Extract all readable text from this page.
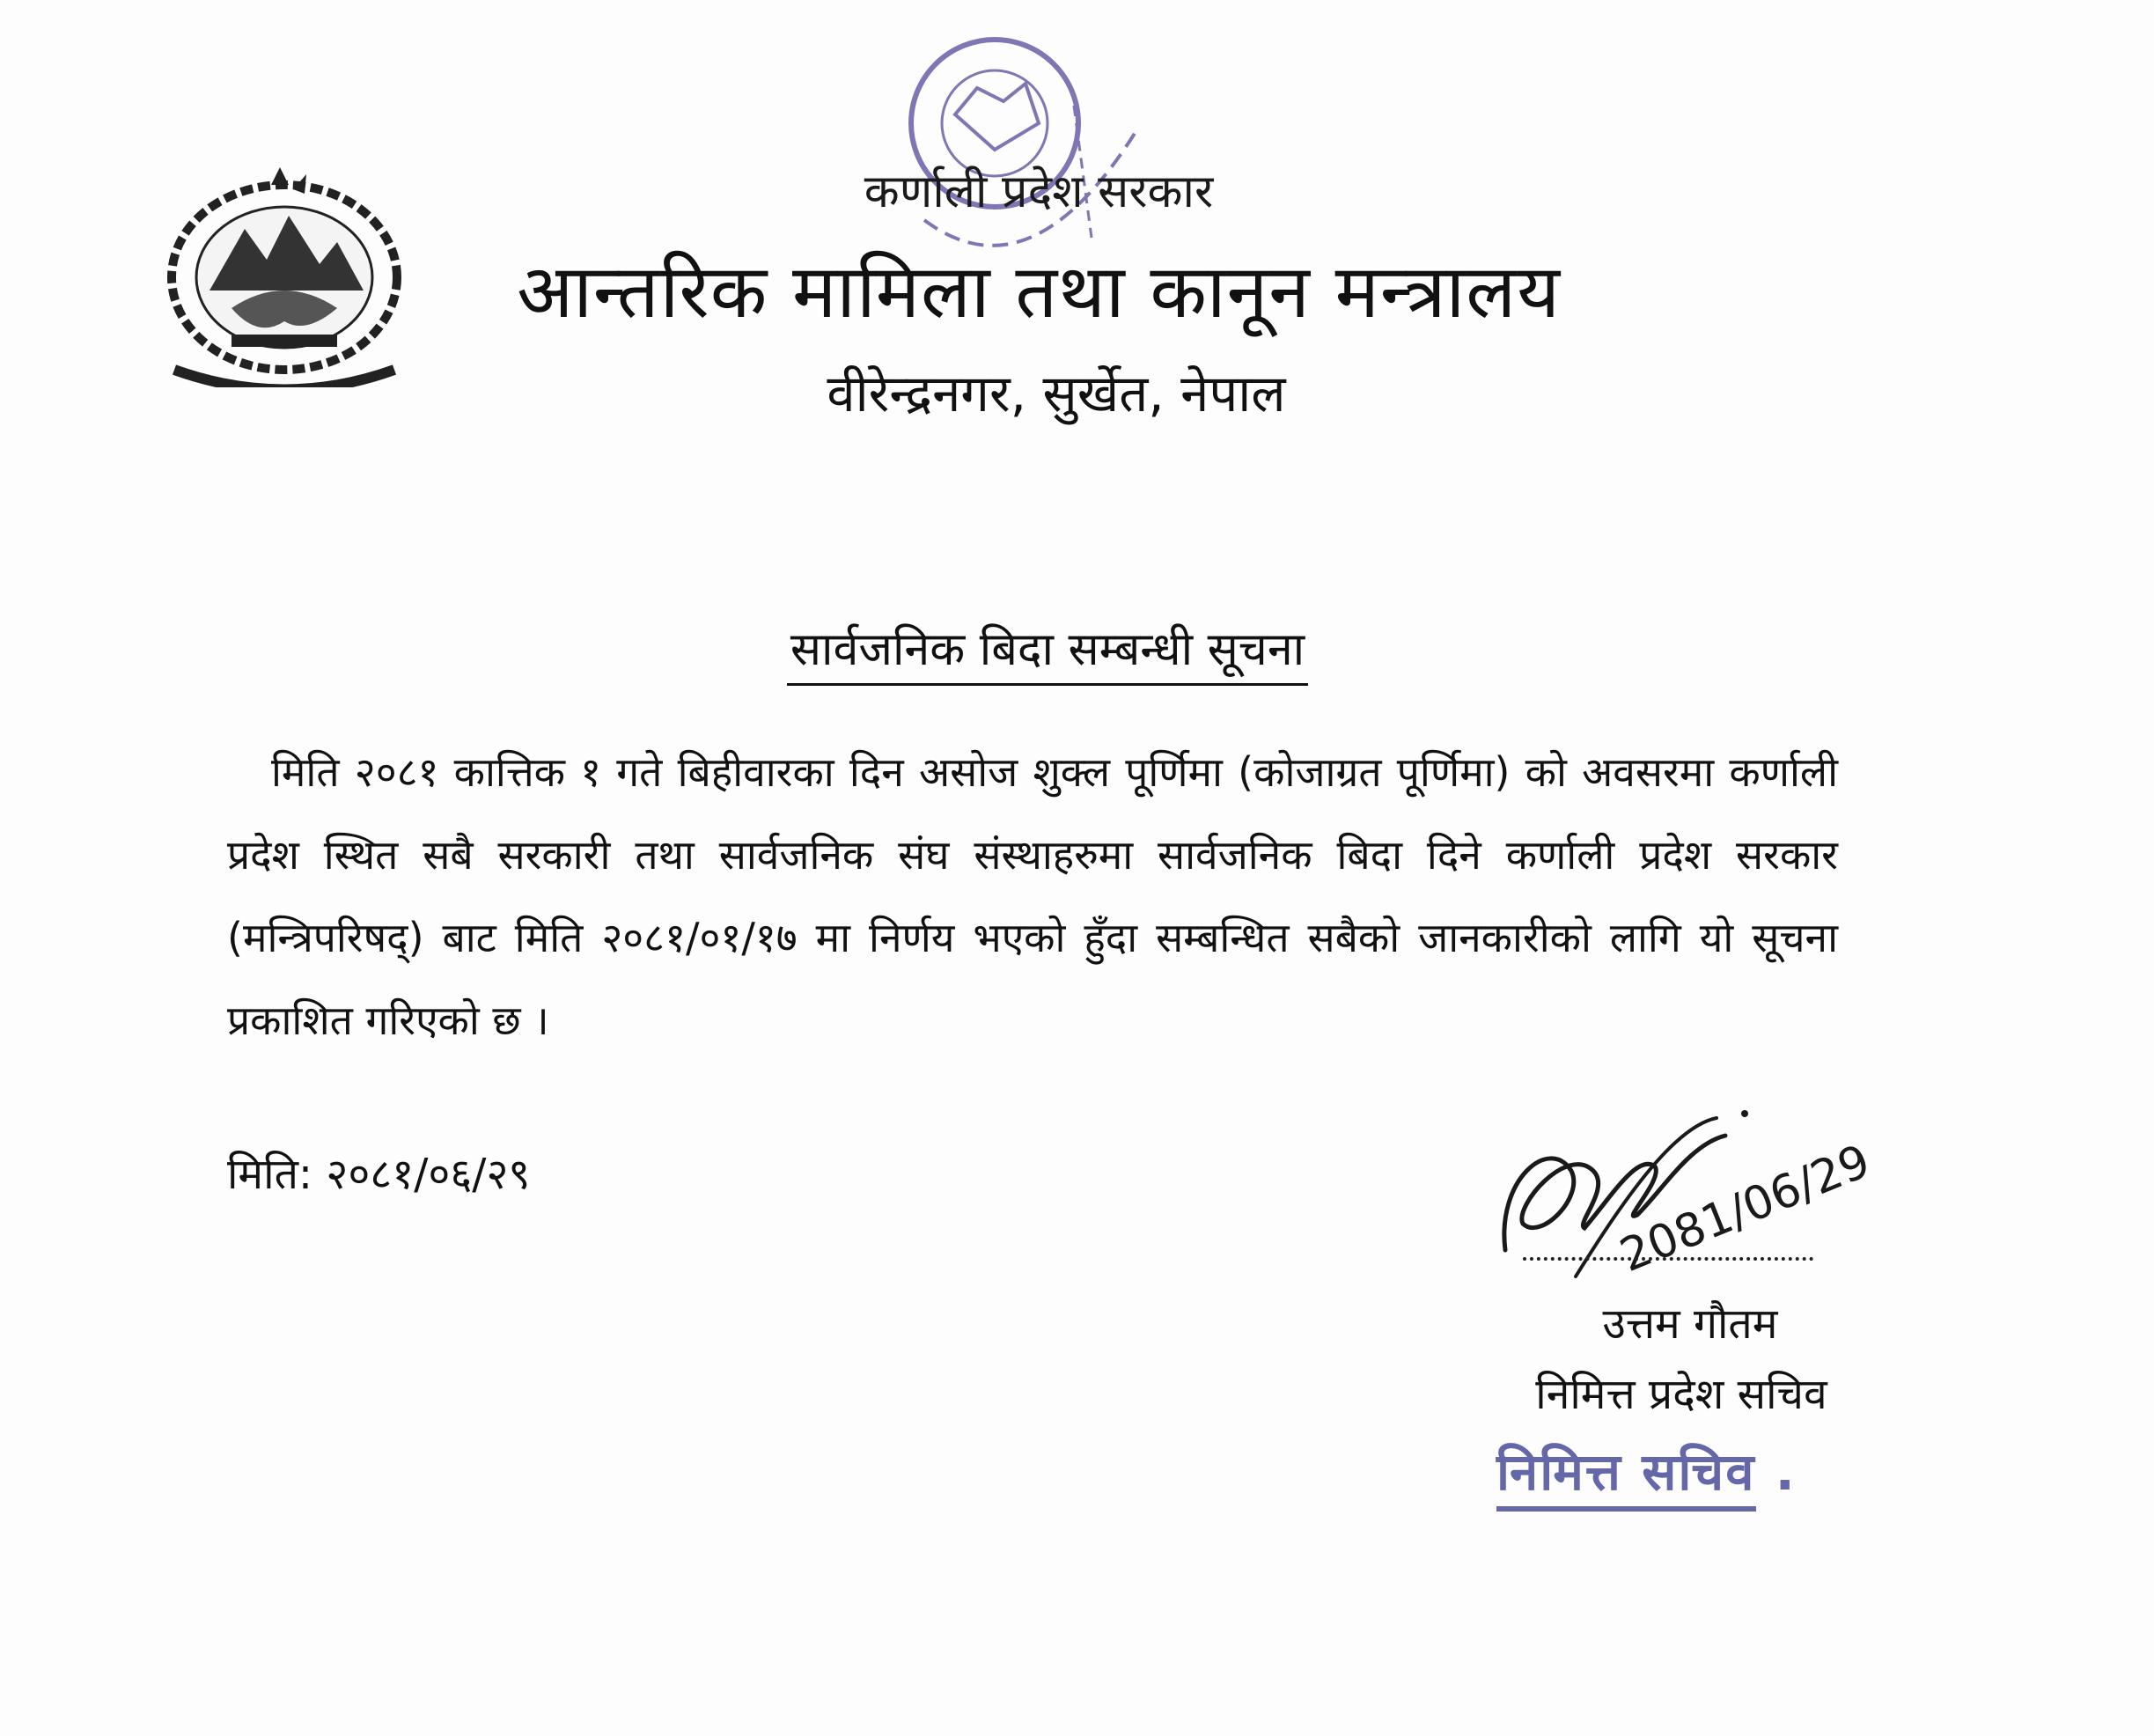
कर्णाली प्रदेश सरकार
आन्तरिक मामिला तथा कानून मन्त्रालय
वीरेन्द्रनगर, सुर्खेत, नेपाल
सार्वजनिक बिदा सम्बन्धी सूचना
मिति २०८१ कात्तिक १ गते बिहीवारका दिन असोज शुक्ल पूर्णिमा (कोजाग्रत पूर्णिमा) को अवसरमा कर्णाली प्रदेश स्थित सबै सरकारी तथा सार्वजनिक संघ संस्थाहरुमा सार्वजनिक बिदा दिने कर्णाली प्रदेश सरकार (मन्त्रिपरिषद्) बाट मिति २०८१/०१/१७ मा निर्णय भएको हुँदा सम्बन्धित सबैको जानकारीको लागि यो सूचना प्रकाशित गरिएको छ ।
मिति: २०८१/०६/२९	2081/06/29
उत्तम गौतम
निमित्त प्रदेश सचिव
निमित्त सचिव .
